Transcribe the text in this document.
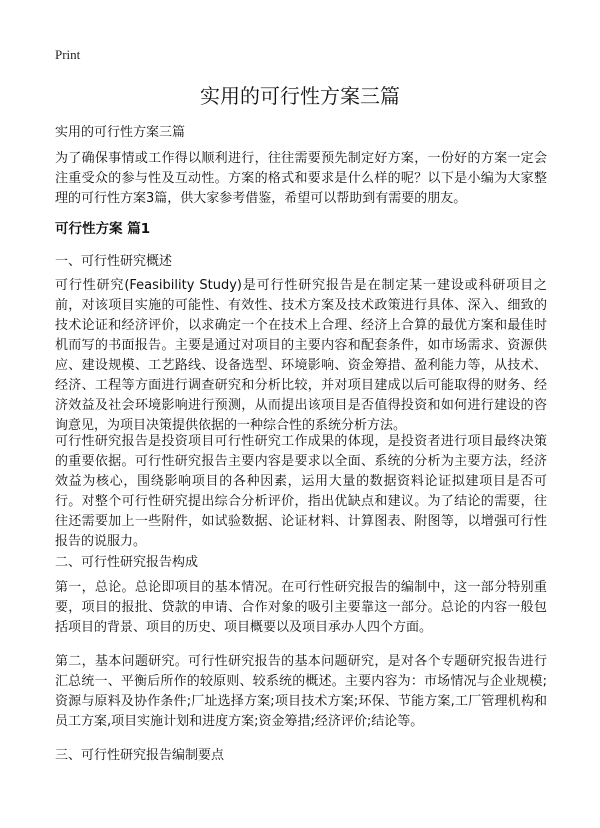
Print
实用的可行性方案三篇

实用的可行性方案三篇

为了确保事情或工作得以顺利进行，往往需要预先制定好方案，一份好的方案一定会注重受众的参与性及互动性。方案的格式和要求是什么样的呢？以下是小编为大家整理的可行性方案3篇，供大家参考借鉴，希望可以帮助到有需要的朋友。

可行性方案 篇1

一、可行性研究概述

可行性研究(Feasibility Study)是可行性研究报告是在制定某一建设或科研项目之前，对该项目实施的可能性、有效性、技术方案及技术政策进行具体、深入、细致的技术论证和经济评价，以求确定一个在技术上合理、经济上合算的最优方案和最佳时机而写的书面报告。主要是通过对项目的主要内容和配套条件，如市场需求、资源供应、建设规模、工艺路线、设备选型、环境影响、资金筹措、盈利能力等，从技术、经济、工程等方面进行调查研究和分析比较，并对项目建成以后可能取得的财务、经济效益及社会环境影响进行预测，从而提出该项目是否值得投资和如何进行建设的咨询意见，为项目决策提供依据的一种综合性的系统分析方法。

可行性研究报告是投资项目可行性研究工作成果的体现，是投资者进行项目最终决策的重要依据。可行性研究报告主要内容是要求以全面、系统的分析为主要方法，经济效益为核心，围绕影响项目的各种因素，运用大量的数据资料论证拟建项目是否可行。对整个可行性研究提出综合分析评价，指出优缺点和建议。为了结论的需要，往往还需要加上一些附件，如试验数据、论证材料、计算图表、附图等，以增强可行性报告的说服力。

二、可行性研究报告构成

第一，总论。总论即项目的基本情况。在可行性研究报告的编制中，这一部分特别重要，项目的报批、贷款的申请、合作对象的吸引主要靠这一部分。总论的内容一般包括项目的背景、项目的历史、项目概要以及项目承办人四个方面。

第二，基本问题研究。可行性研究报告的基本问题研究，是对各个专题研究报告进行汇总统一、平衡后所作的较原则、较系统的概述。主要内容为：市场情况与企业规模;资源与原料及协作条件;厂址选择方案;项目技术方案;环保、节能方案,工厂管理机构和员工方案,项目实施计划和进度方案;资金筹措;经济评价;结论等。

三、可行性研究报告编制要点
